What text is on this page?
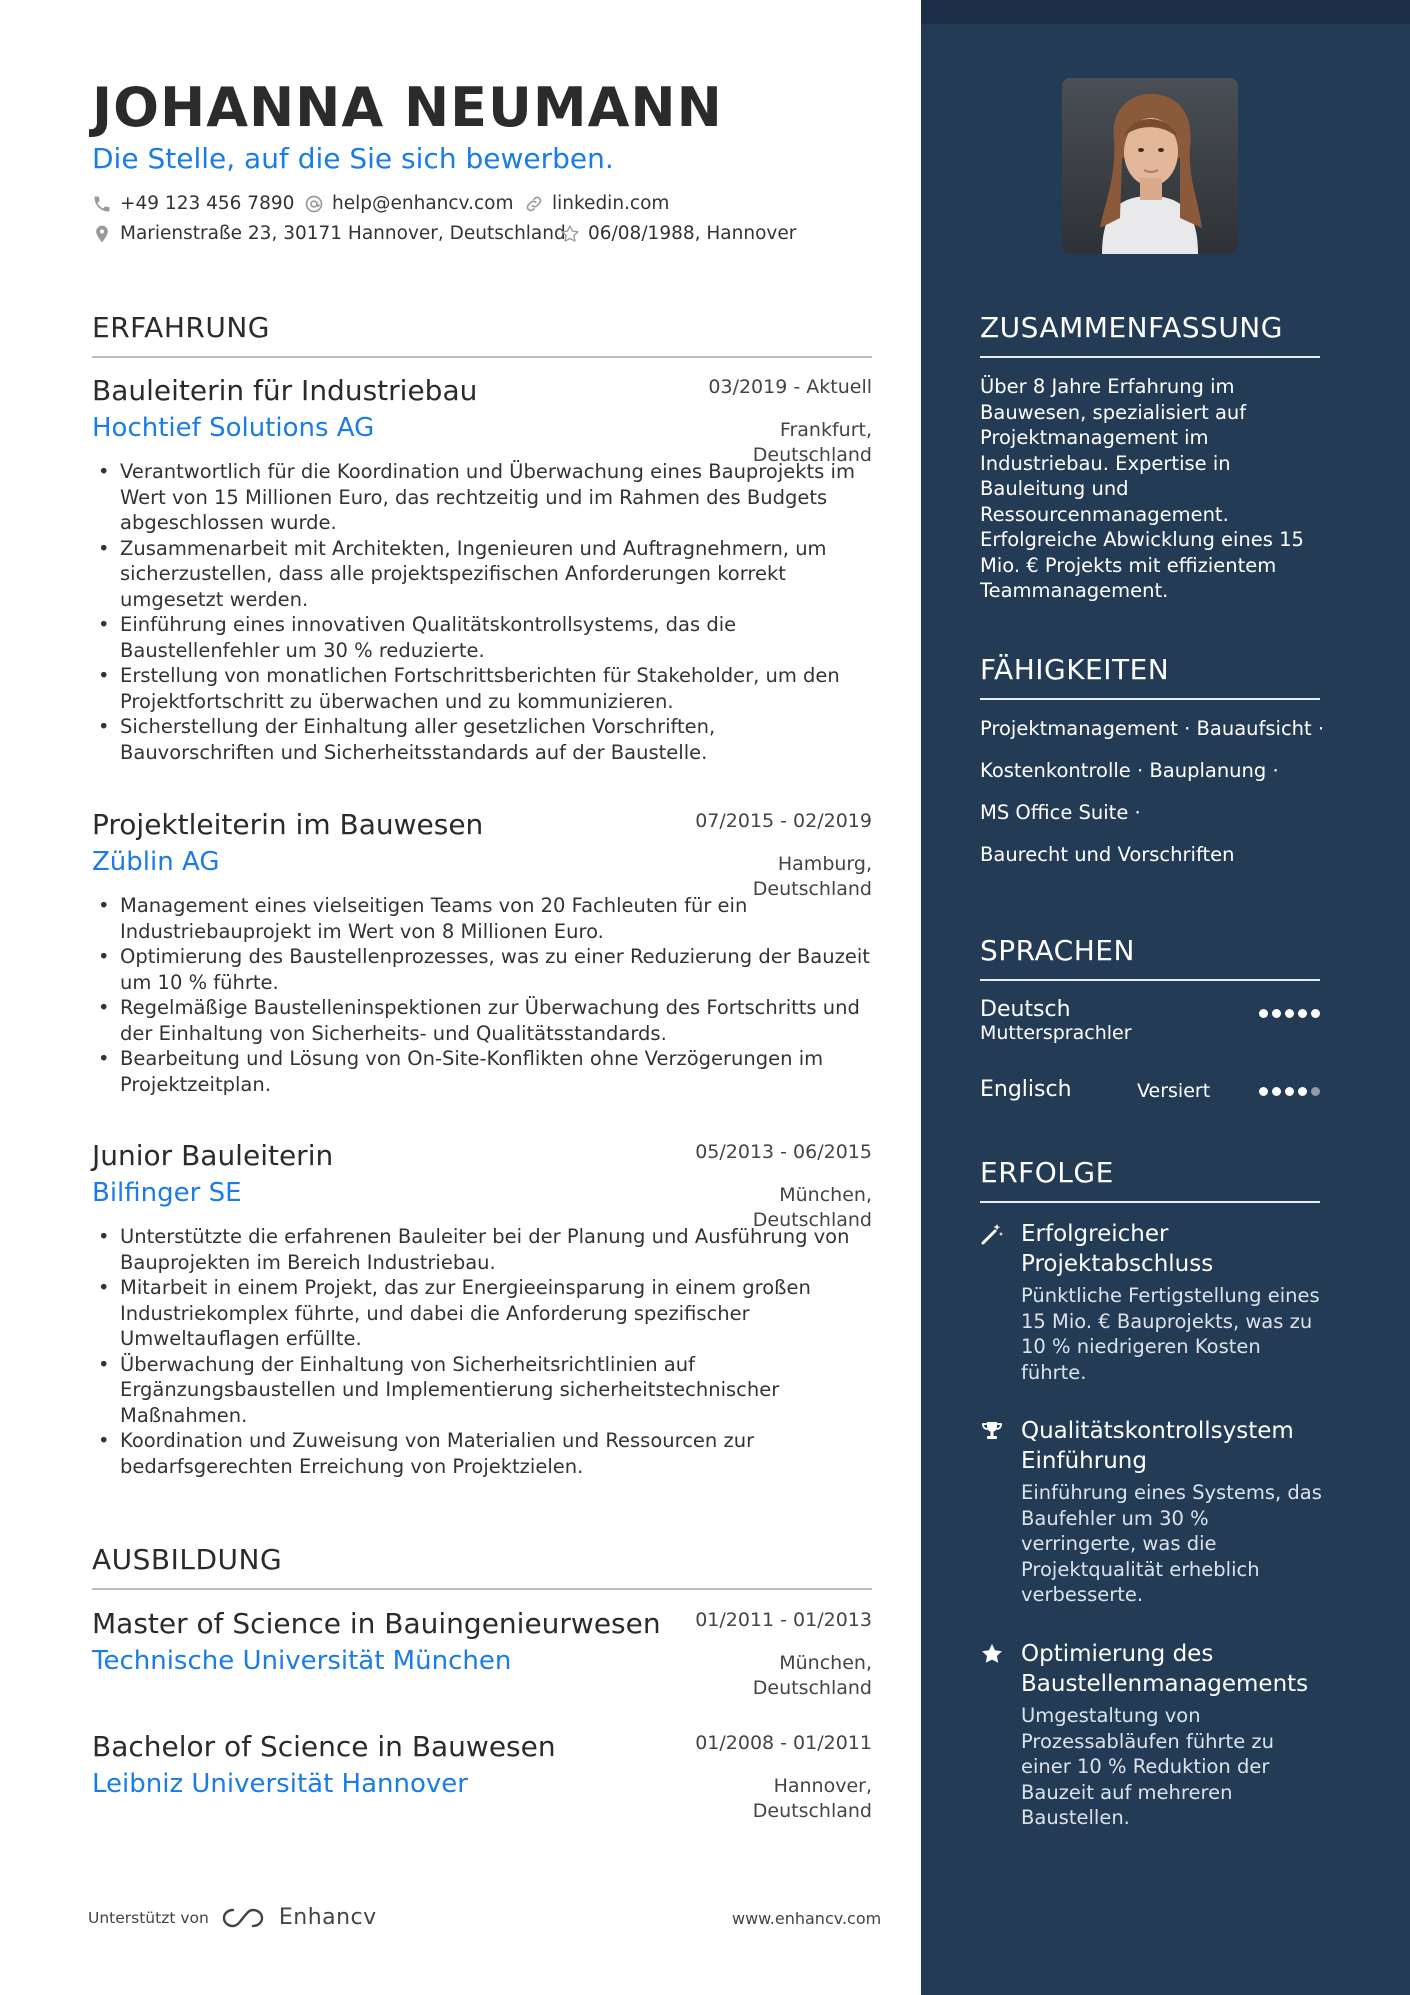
JOHANNA NEUMANN
Die Stelle, auf die Sie sich bewerben.
+49 123 456 7890 help@enhancv.com linkedin.com
Marienstraße 23, 30171 Hannover, Deutschland 06/08/1988, Hannover
ERFAHRUNG
Bauleiterin für Industriebau	03/2019 - Aktuell
Hochtief Solutions AG	Frankfurt,
Deutschland
• Verantwortlich für die Koordination und Überwachung eines Bauprojekts im Wert von 15 Millionen Euro, das rechtzeitig und im Rahmen des Budgets abgeschlossen wurde.
• Zusammenarbeit mit Architekten, Ingenieuren und Auftragnehmern, um sicherzustellen, dass alle projektspezifischen Anforderungen korrekt umgesetzt werden.
• Einführung eines innovativen Qualitätskontrollsystems, das die Baustellenfehler um 30 % reduzierte.
• Erstellung von monatlichen Fortschrittsberichten für Stakeholder, um den Projektfortschritt zu überwachen und zu kommunizieren.
• Sicherstellung der Einhaltung aller gesetzlichen Vorschriften, Bauvorschriften und Sicherheitsstandards auf der Baustelle.
Projektleiterin im Bauwesen	07/2015 - 02/2019
Züblin AG	Hamburg,
Deutschland
• Management eines vielseitigen Teams von 20 Fachleuten für ein Industriebauprojekt im Wert von 8 Millionen Euro.
• Optimierung des Baustellenprozesses, was zu einer Reduzierung der Bauzeit um 10 % führte.
• Regelmäßige Baustelleninspektionen zur Überwachung des Fortschritts und der Einhaltung von Sicherheits- und Qualitätsstandards.
• Bearbeitung und Lösung von On-Site-Konflikten ohne Verzögerungen im Projektzeitplan.
Junior Bauleiterin	05/2013 - 06/2015
Bilfinger SE	München,
Deutschland
• Unterstützte die erfahrenen Bauleiter bei der Planung und Ausführung von Bauprojekten im Bereich Industriebau.
• Mitarbeit in einem Projekt, das zur Energieeinsparung in einem großen Industriekomplex führte, und dabei die Anforderung spezifischer Umweltauflagen erfüllte.
• Überwachung der Einhaltung von Sicherheitsrichtlinien auf Ergänzungsbaustellen und Implementierung sicherheitstechnischer Maßnahmen.
• Koordination und Zuweisung von Materialien und Ressourcen zur bedarfsgerechten Erreichung von Projektzielen.
AUSBILDUNG
Master of Science in Bauingenieurwesen	01/2011 - 01/2013
Technische Universität München	München,
Deutschland
Bachelor of Science in Bauwesen	01/2008 - 01/2011
Leibniz Universität Hannover	Hannover,
Deutschland
Unterstützt von	Enhancv	www.enhancv.com
ZUSAMMENFASSUNG
Über 8 Jahre Erfahrung im Bauwesen, spezialisiert auf Projektmanagement im Industriebau. Expertise in Bauleitung und Ressourcenmanagement. Erfolgreiche Abwicklung eines 15 Mio. € Projekts mit effizientem Teammanagement.
FÄHIGKEITEN
Projektmanagement · Bauaufsicht ·
Kostenkontrolle · Bauplanung ·
MS Office Suite ·
Baurecht und Vorschriften
SPRACHEN
Deutsch
Muttersprachler
Englisch	Versiert
ERFOLGE
Erfolgreicher Projektabschluss
Pünktliche Fertigstellung eines 15 Mio. € Bauprojekts, was zu 10 % niedrigeren Kosten führte.
Qualitätskontrollsystem Einführung
Einführung eines Systems, das Baufehler um 30 % verringerte, was die Projektqualität erheblich verbesserte.
Optimierung des Baustellenmanagements
Umgestaltung von Prozessabläufen führte zu einer 10 % Reduktion der Bauzeit auf mehreren Baustellen.
